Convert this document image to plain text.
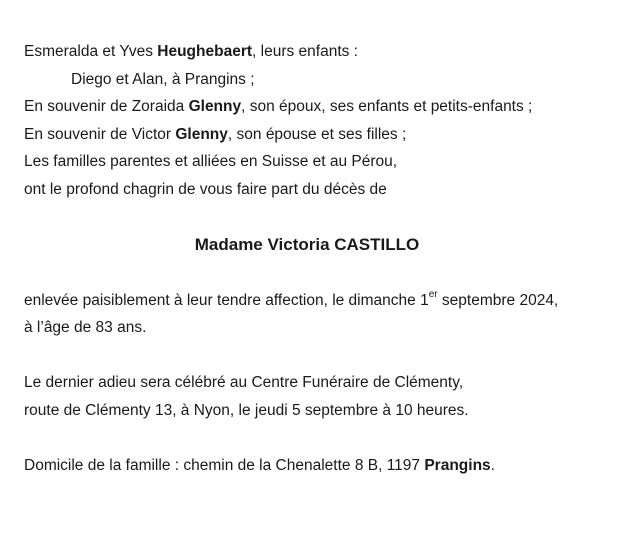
Esmeralda et Yves Heughebaert, leurs enfants :
Diego et Alan, à Prangins ;
En souvenir de Zoraida Glenny, son époux, ses enfants et petits-enfants ;
En souvenir de Victor Glenny, son épouse et ses filles ;
Les familles parentes et alliées en Suisse et au Pérou,
ont le profond chagrin de vous faire part du décès de
Madame Victoria CASTILLO
enlevée paisiblement à leur tendre affection, le dimanche 1er septembre 2024,
à l’âge de 83 ans.
Le dernier adieu sera célébré au Centre Funéraire de Clémenty,
route de Clémenty 13, à Nyon, le jeudi 5 septembre à 10 heures.
Domicile de la famille : chemin de la Chenalette 8 B, 1197 Prangins.
